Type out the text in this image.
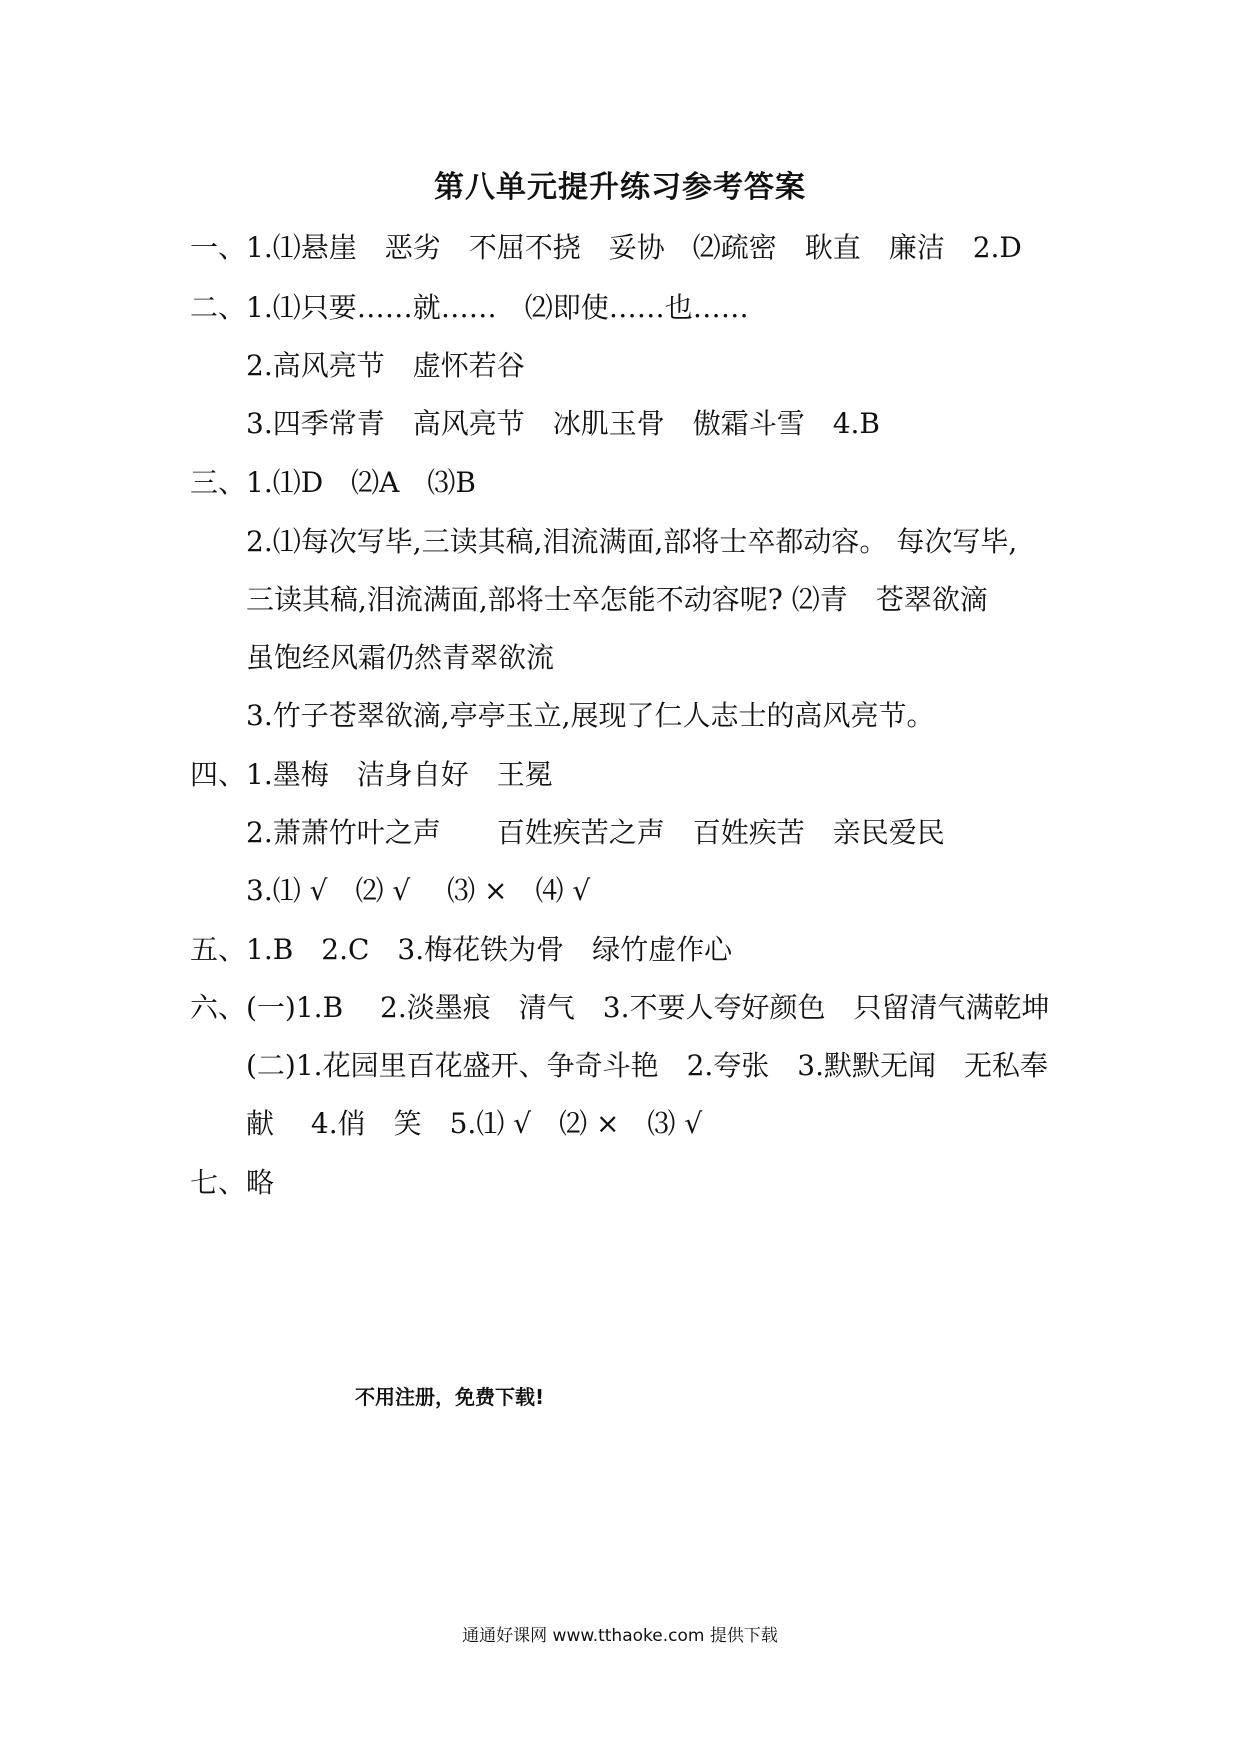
第八单元提升练习参考答案
一、1.⑴悬崖　恶劣　不屈不挠　妥协　⑵疏密　耿直　廉洁　2.D
二、1.⑴只要……就……　⑵即使……也……
2.高风亮节　虚怀若谷
3.四季常青　高风亮节　冰肌玉骨　傲霜斗雪　4.B
三、1.⑴D　⑵A　⑶B
2.⑴每次写毕,三读其稿,泪流满面,部将士卒都动容。 每次写毕,
三读其稿,泪流满面,部将士卒怎能不动容呢? ⑵青　苍翠欲滴
虽饱经风霜仍然青翠欲流
3.竹子苍翠欲滴,亭亭玉立,展现了仁人志士的高风亮节。
四、1.墨梅　洁身自好　王冕
2.萧萧竹叶之声　　百姓疾苦之声　百姓疾苦　亲民爱民
3.⑴ √　⑵ √　 ⑶ ×　⑷ √
五、1.B　2.C　3.梅花铁为骨　绿竹虚作心
六、(一)1.B　 2.淡墨痕　清气　3.不要人夸好颜色　只留清气满乾坤
(二)1.花园里百花盛开、争奇斗艳　2.夸张　3.默默无闻　无私奉
献　 4.俏　笑　5.⑴ √　⑵ ×　⑶ √
七、略
不用注册，免费下载!
通通好课网 www.tthaoke.com 提供下载
